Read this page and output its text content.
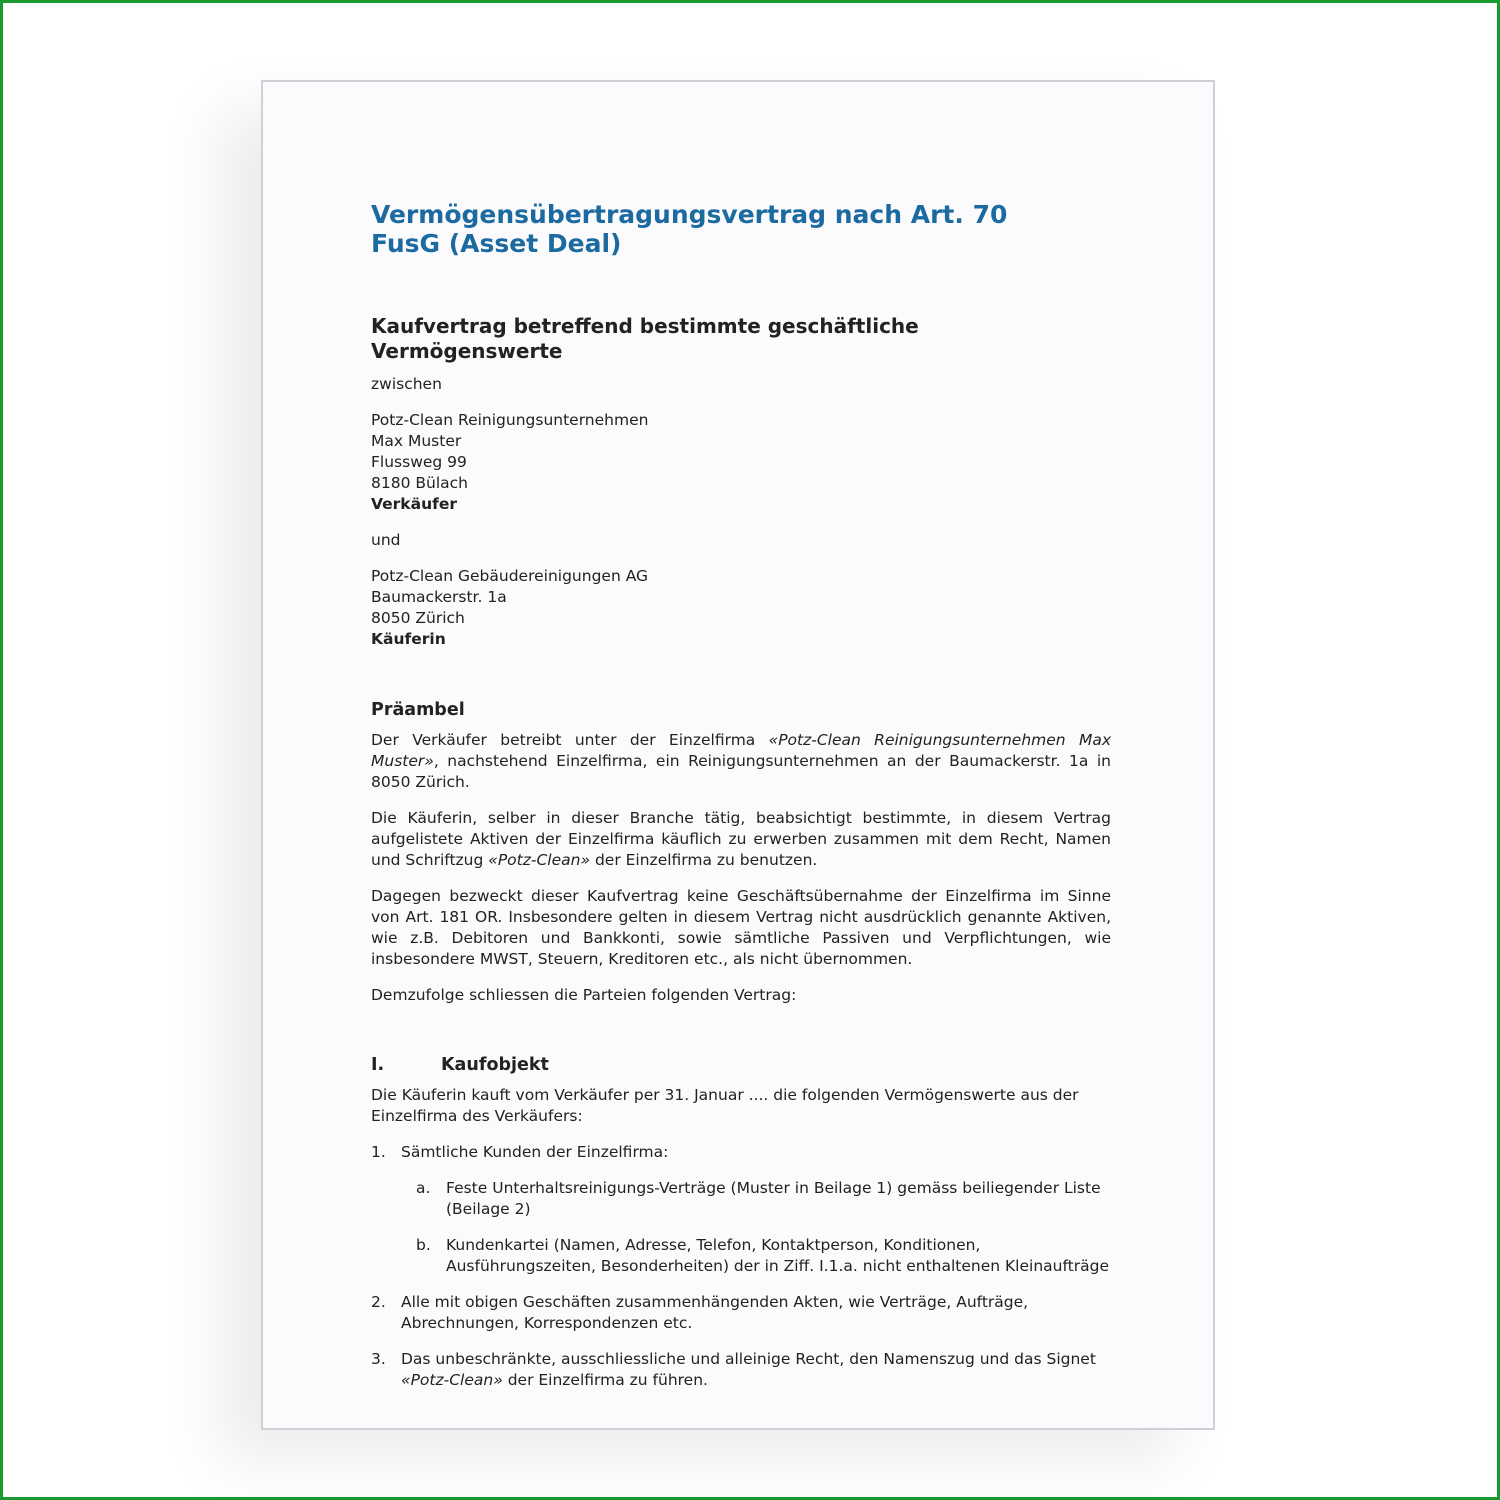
Vermögensübertragungsvertrag nach Art. 70 FusG (Asset Deal)
Kaufvertrag betreffend bestimmte geschäftliche Vermögenswerte

zwischen

Potz-Clean Reinigungsunternehmen
Max Muster
Flussweg 99
8180 Bülach
Verkäufer

und

Potz-Clean Gebäudereinigungen AG
Baumackerstr. 1a
8050 Zürich
Käuferin
Präambel

Der Verkäufer betreibt unter der Einzelfirma «Potz-Clean Reinigungsunternehmen Max Muster», nachstehend Einzelfirma, ein Reinigungsunternehmen an der Baumackerstr. 1a in 8050 Zürich.

Die Käuferin, selber in dieser Branche tätig, beabsichtigt bestimmte, in diesem Vertrag aufgelistete Aktiven der Einzelfirma käuflich zu erwerben zusammen mit dem Recht, Namen und Schriftzug «Potz-Clean» der Einzelfirma zu benutzen.

Dagegen bezweckt dieser Kaufvertrag keine Geschäftsübernahme der Einzelfirma im Sinne von Art. 181 OR. Insbesondere gelten in diesem Vertrag nicht ausdrücklich genannte Aktiven, wie z.B. Debitoren und Bankkonti, sowie sämtliche Passiven und Verpflichtungen, wie insbesondere MWST, Steuern, Kreditoren etc., als nicht übernommen.

Demzufolge schliessen die Parteien folgenden Vertrag:

I.	Kaufobjekt

Die Käuferin kauft vom Verkäufer per 31. Januar .... die folgenden Vermögenswerte aus der Einzelfirma des Verkäufers:

1. Sämtliche Kunden der Einzelfirma:
a.	Feste Unterhaltsreinigungs-Verträge (Muster in Beilage 1) gemäss beiliegender Liste (Beilage 2)
b. Kundenkartei (Namen, Adresse, Telefon, Kontaktperson, Konditionen, Ausführungszeiten, Besonderheiten) der in Ziff. I.1.a. nicht enthaltenen Kleinaufträge
2. Alle mit obigen Geschäften zusammenhängenden Akten, wie Verträge, Aufträge, Abrechnungen, Korrespondenzen etc.
3. Das unbeschränkte, ausschliessliche und alleinige Recht, den Namenszug und das Signet «Potz-Clean» der Einzelfirma zu führen.
